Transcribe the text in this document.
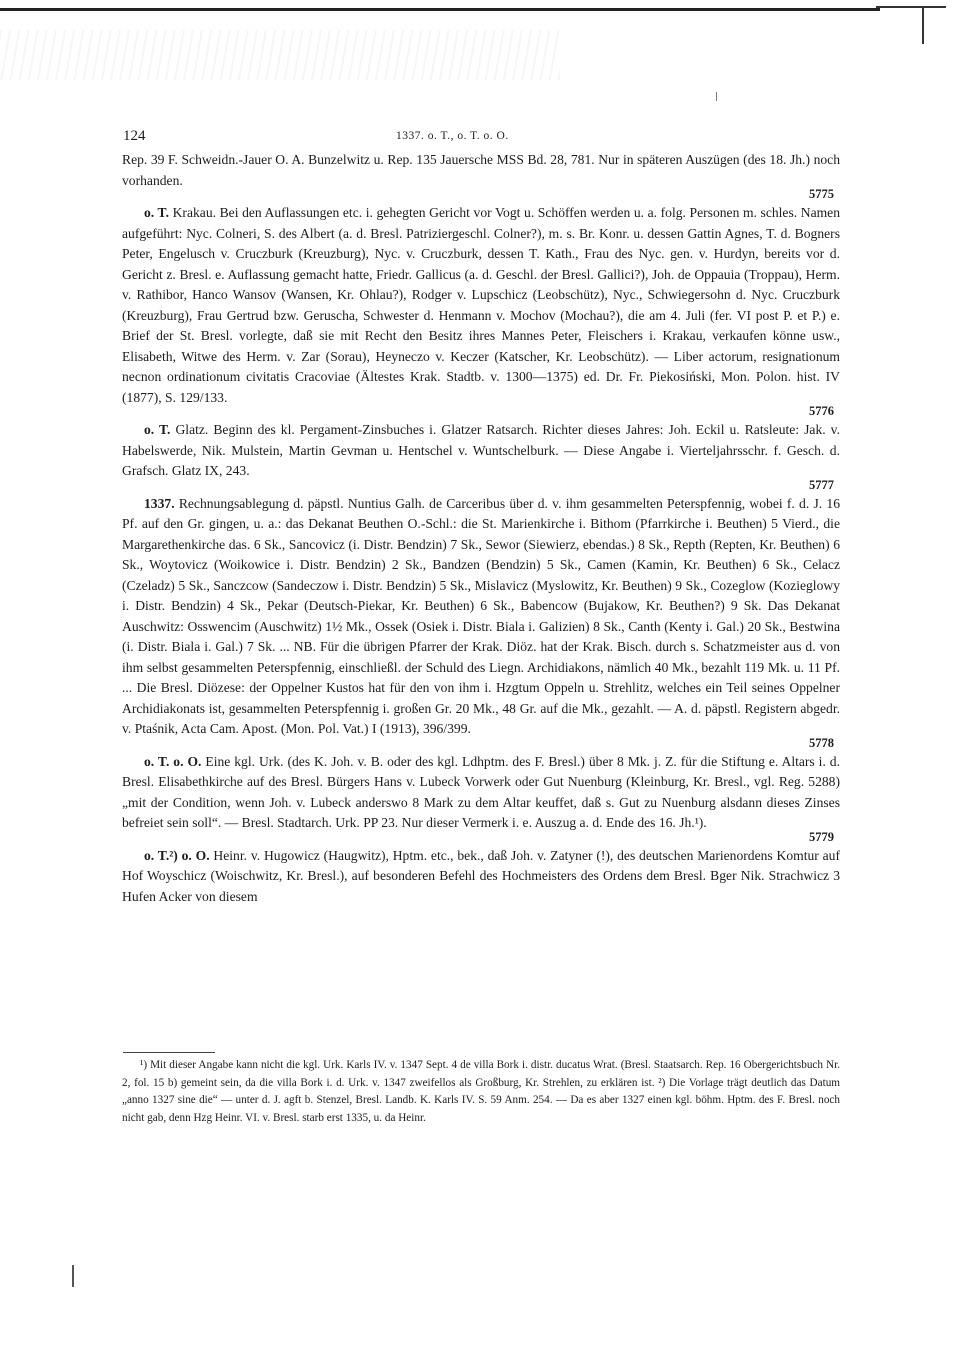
124	1337. o. T., o. T. o. O.

Rep. 39 F. Schweidn.-Jauer O. A. Bunzelwitz u. Rep. 135 Jauersche MSS Bd. 28, 781. Nur in späteren Auszügen (des 18. Jh.) noch vorhanden.

5775

o. T. Krakau. Bei den Auflassungen etc. i. gehegten Gericht vor Vogt u. Schöffen werden u. a. folg. Personen m. schles. Namen aufgeführt: Nyc. Colneri, S. des Albert (a. d. Bresl. Patriziergeschl. Colner?), m. s. Br. Konr. u. dessen Gattin Agnes, T. d. Bogners Peter, Engelusch v. Cruczburk (Kreuzburg), Nyc. v. Cruczburk, dessen T. Kath., Frau des Nyc. gen. v. Hurdyn, bereits vor d. Gericht z. Bresl. e. Auflassung gemacht hatte, Friedr. Gallicus (a. d. Geschl. der Bresl. Gallici?), Joh. de Oppauia (Troppau), Herm. v. Rathibor, Hanco Wansov (Wansen, Kr. Ohlau?), Rodger v. Lupschicz (Leobschütz), Nyc., Schwiegersohn d. Nyc. Cruczburk (Kreuzburg), Frau Gertrud bzw. Geruscha, Schwester d. Henmann v. Mochov (Mochau?), die am 4. Juli (fer. VI post P. et P.) e. Brief der St. Bresl. vorlegte, daß sie mit Recht den Besitz ihres Mannes Peter, Fleischers i. Krakau, verkaufen könne usw., Elisabeth, Witwe des Herm. v. Zar (Sorau), Heyneczo v. Keczer (Katscher, Kr. Leobschütz). — Liber actorum, resignationum necnon ordinationum civitatis Cracoviae (Ältestes Krak. Stadtb. v. 1300—1375) ed. Dr. Fr. Piekosiński, Mon. Polon. hist. IV (1877), S. 129/133.

5776

o. T. Glatz. Beginn des kl. Pergament-Zinsbuches i. Glatzer Ratsarch. Richter dieses Jahres: Joh. Eckil u. Ratsleute: Jak. v. Habelswerde, Nik. Mulstein, Martin Gevman u. Hentschel v. Wuntschelburk. — Diese Angabe i. Vierteljahrsschr. f. Gesch. d. Grafsch. Glatz IX, 243.

5777

1337. Rechnungsablegung d. päpstl. Nuntius Galh. de Carceribus über d. v. ihm gesammelten Peterspfennig, wobei f. d. J. 16 Pf. auf den Gr. gingen, u. a.: das Dekanat Beuthen O.-Schl.: die St. Marienkirche i. Bithom (Pfarrkirche i. Beuthen) 5 Vierd., die Margarethenkirche das. 6 Sk., Sancovicz (i. Distr. Bendzin) 7 Sk., Sewor (Siewierz, ebendas.) 8 Sk., Repth (Repten, Kr. Beuthen) 6 Sk., Woytovicz (Woikowice i. Distr. Bendzin) 2 Sk., Bandzen (Bendzin) 5 Sk., Camen (Kamin, Kr. Beuthen) 6 Sk., Celacz (Czeladz) 5 Sk., Sanczcow (Sandeczow i. Distr. Bendzin) 5 Sk., Mislavicz (Myslowitz, Kr. Beuthen) 9 Sk., Cozeglow (Kozieglowy i. Distr. Bendzin) 4 Sk., Pekar (Deutsch-Piekar, Kr. Beuthen) 6 Sk., Babencow (Bujakow, Kr. Beuthen?) 9 Sk. Das Dekanat Auschwitz: Osswencim (Auschwitz) 1½ Mk., Ossek (Osiek i. Distr. Biala i. Galizien) 8 Sk., Canth (Kenty i. Gal.) 20 Sk., Bestwina (i. Distr. Biala i. Gal.) 7 Sk. ... NB. Für die übrigen Pfarrer der Krak. Diöz. hat der Krak. Bisch. durch s. Schatzmeister aus d. von ihm selbst gesammelten Peterspfennig, einschließl. der Schuld des Liegn. Archidiakons, nämlich 40 Mk., bezahlt 119 Mk. u. 11 Pf. ... Die Bresl. Diözese: der Oppelner Kustos hat für den von ihm i. Hzgtum Oppeln u. Strehlitz, welches ein Teil seines Oppelner Archidiakonats ist, gesammelten Peterspfennig i. großen Gr. 20 Mk., 48 Gr. auf die Mk., gezahlt. — A. d. päpstl. Registern abgedr. v. Ptaśnik, Acta Cam. Apost. (Mon. Pol. Vat.) I (1913), 396/399.

5778

o. T. o. O. Eine kgl. Urk. (des K. Joh. v. B. oder des kgl. Ldhptm. des F. Bresl.) über 8 Mk. j. Z. für die Stiftung e. Altars i. d. Bresl. Elisabethkirche auf des Bresl. Bürgers Hans v. Lubeck Vorwerk oder Gut Nuenburg (Kleinburg, Kr. Bresl., vgl. Reg. 5288) „mit der Condition, wenn Joh. v. Lubeck anderswo 8 Mark zu dem Altar keuffet, daß s. Gut zu Nuenburg alsdann dieses Zinses befreiet sein soll“. — Bresl. Stadtarch. Urk. PP 23. Nur dieser Vermerk i. e. Auszug a. d. Ende des 16. Jh.¹).

5779

o. T.²) o. O. Heinr. v. Hugowicz (Haugwitz), Hptm. etc., bek., daß Joh. v. Zatyner (!), des deutschen Marienordens Komtur auf Hof Woyschicz (Woischwitz, Kr. Bresl.), auf besonderen Befehl des Hochmeisters des Ordens dem Bresl. Bger Nik. Strachwicz 3 Hufen Acker von diesem

¹) Mit dieser Angabe kann nicht die kgl. Urk. Karls IV. v. 1347 Sept. 4 de villa Bork i. distr. ducatus Wrat. (Bresl. Staatsarch. Rep. 16 Obergerichtsbuch Nr. 2, fol. 15 b) gemeint sein, da die villa Bork i. d. Urk. v. 1347 zweifellos als Großburg, Kr. Strehlen, zu erklären ist. ²) Die Vorlage trägt deutlich das Datum „anno 1327 sine die“ — unter d. J. agft b. Stenzel, Bresl. Landb. K. Karls IV. S. 59 Anm. 254. — Da es aber 1327 einen kgl. böhm. Hptm. des F. Bresl. noch nicht gab, denn Hzg Heinr. VI. v. Bresl. starb erst 1335, u. da Heinr.
